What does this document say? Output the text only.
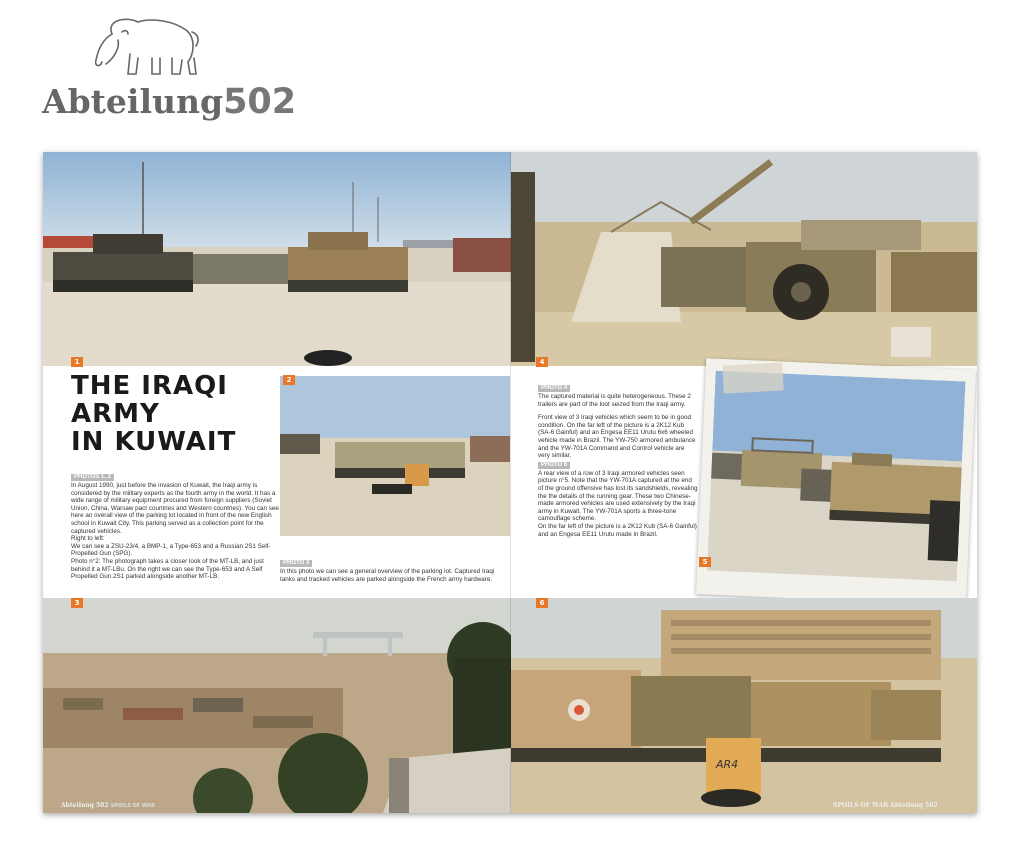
Abteilung502
1	4
THE IRAQI
ARMY
IN KUWAIT
2
PHOTOS 1, 2

In August 1990, just before the invasion of Kuwait, the Iraqi army is considered by the military experts as the fourth army in the world. It has a wide range of military equipment procured from foreign suppliers (Soviet Union, China, Warsaw pact countries and Western countries). You can see here an overall view of the parking lot located in front of the new English school in Kuwait City. This parking served as a collection point for the captured vehicles.

Right to left:

We can see a ZSU-23/4, a BMP-1, a Type-653 and a Russian 2S1 Self-Propelled Gun (SPG).

Photo n°2: The photograph takes a closer look of the MT-LB, and just behind it a MT-LBu. On the right we can see the Type-653 and A Self Propelled Gun 2S1 parked alongside another MT-LB.

PHOTO 3

In this photo we can see a general overview of the parking lot. Captured Iraqi tanks and tracked vehicles are parked alongside the French army hardware.

3
PHOTO 4

The captured material is quite heterogeneous. These 2 trailers are part of the loot seized from the Iraqi army.

Front view of 3 Iraqi vehicles which seem to be in good condition. On the far left of the picture is a 2K12 Kub (SA-6 Gainful) and an Engesa EE11 Urutu 6x6 wheeled vehicle made in Brazil. The YW-750 armored ambulance and the YW-701A Command and Control vehicle are very similar.

PHOTO 6

A rear view of a row of 3 Iraqi armored vehicles seen picture n°5. Note that the YW-701A captured at the end of the ground offensive has lost its sandshields, revealing the the details of the running gear. These two Chinese-made armored vehicles are used extensively by the Iraqi army in Kuwait. The YW-701A sports a three-tone camouflage scheme.

On the far left of the picture is a 2K12 Kub (SA-6 Gainful) and an Engesa EE11 Urutu made in Brazil.

5
AR4
6
Abteilung 502 SPOILS OF WAR	SPOILS OF WAR Abteilung 502
